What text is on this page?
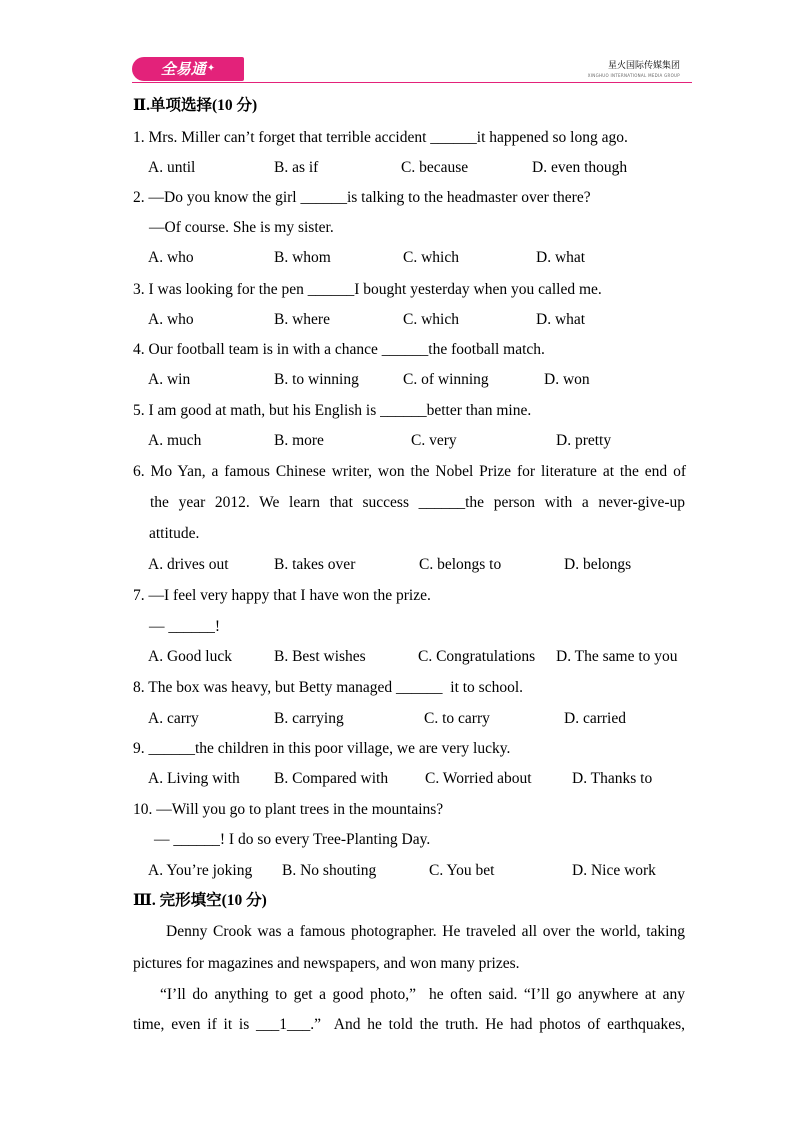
全易通✦	星火国际传媒集团
XINGHUO INTERNATIONAL MEDIA GROUP
Ⅱ.单项选择(10 分)
1. Mrs. Miller can’t forget that terrible accident ______it happened so long ago.
A. until	B. as if	C. because	D. even though
2. —Do you know the girl ______is talking to the headmaster over there?
—Of course. She is my sister.
A. who	B. whom	C. which	D. what
3. I was looking for the pen ______I bought yesterday when you called me.
A. who	B. where	C. which	D. what
4. Our football team is in with a chance ______the football match.
A. win	B. to winning	C. of winning	D. won
5. I am good at math, but his English is ______better than mine.
A. much	B. more	C. very	D. pretty
6. Mo Yan, a famous Chinese writer, won the Nobel Prize for literature at the end of
the year 2012. We learn that success ______the person with a never-give-up
attitude.
A. drives out	B. takes over	C. belongs to	D. belongs
7. —I feel very happy that I have won the prize.
— ______!
A. Good luck	B. Best wishes	C. Congratulations D. The same to you
8. The box was heavy, but Betty managed ______  it to school.
A. carry	B. carrying	C. to carry	D. carried
9. ______the children in this poor village, we are very lucky.
A. Living with B. Compared with C. Worried about	D. Thanks to
10. —Will you go to plant trees in the mountains?
— ______! I do so every Tree-Planting Day.
A. You’re joking B. No shouting	C. You bet	D. Nice work
Ⅲ. 完形填空(10 分)
Denny Crook was a famous photographer. He traveled all over the world, taking
pictures for magazines and newspapers, and won many prizes.
“I’ll do anything to get a good photo,”  he often said. “I’ll go anywhere at any
time, even if it is ___1___.”  And he told the truth. He had photos of earthquakes,
